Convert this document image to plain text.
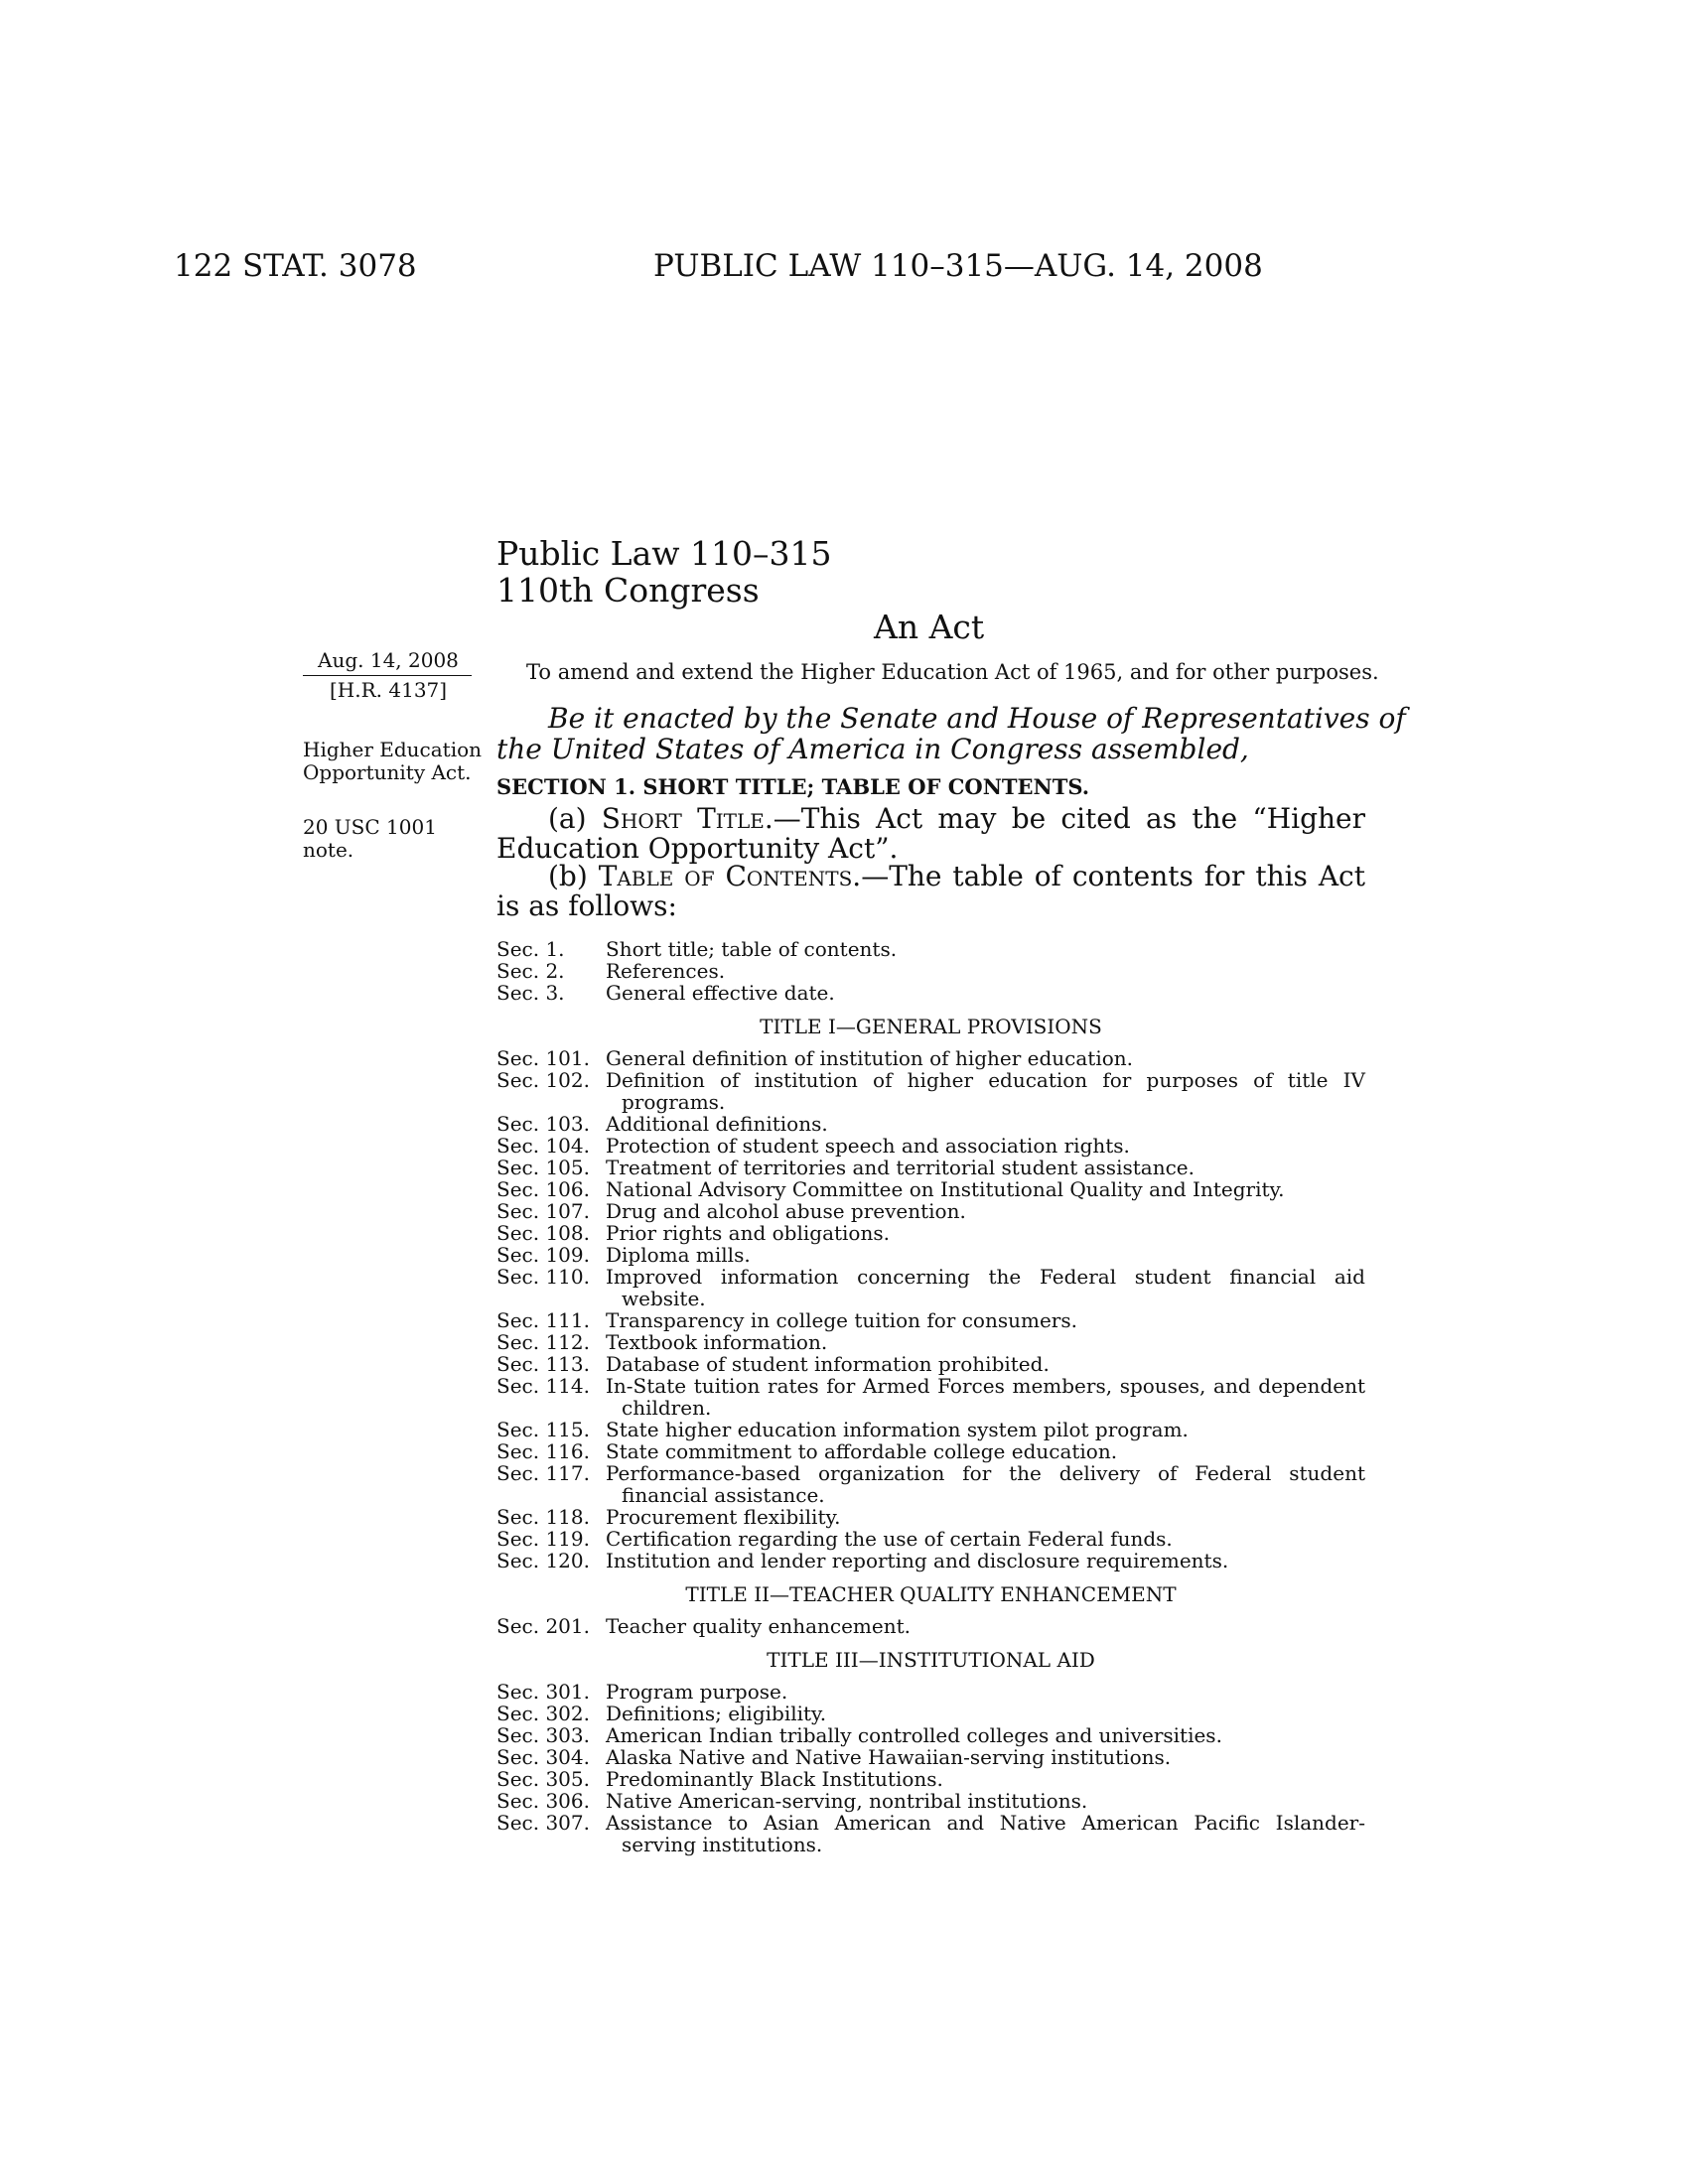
122 STAT. 3078	PUBLIC LAW 110–315—AUG. 14, 2008
Public Law 110–315
110th Congress
An Act
Aug. 14, 2008
[H.R. 4137]
Higher Education
Opportunity Act.
20 USC 1001
note.
To amend and extend the Higher Education Act of 1965, and for other purposes.
Be it enacted by the Senate and House of Representatives of
the United States of America in Congress assembled,
SECTION 1. SHORT TITLE; TABLE OF CONTENTS.
(a) Short Title.—This Act may be cited as the “Higher Education Opportunity Act”.
(b) Table of Contents.—The table of contents for this Act is as follows:
Sec. 1.	Short title; table of contents.
Sec. 2.	References.
Sec. 3.	General effective date.
TITLE I—GENERAL PROVISIONS
Sec. 101. General definition of institution of higher education.
Sec. 102. Definition of institution of higher education for purposes of title IV programs.
Sec. 103. Additional definitions.
Sec. 104. Protection of student speech and association rights.
Sec. 105. Treatment of territories and territorial student assistance.
Sec. 106. National Advisory Committee on Institutional Quality and Integrity.
Sec. 107. Drug and alcohol abuse prevention.
Sec. 108. Prior rights and obligations.
Sec. 109. Diploma mills.
Sec. 110. Improved information concerning the Federal student financial aid website.
Sec. 111. Transparency in college tuition for consumers.
Sec. 112. Textbook information.
Sec. 113. Database of student information prohibited.
Sec. 114. In-State tuition rates for Armed Forces members, spouses, and dependent children.
Sec. 115. State higher education information system pilot program.
Sec. 116. State commitment to affordable college education.
Sec. 117. Performance-based organization for the delivery of Federal student financial assistance.
Sec. 118. Procurement flexibility.
Sec. 119. Certification regarding the use of certain Federal funds.
Sec. 120. Institution and lender reporting and disclosure requirements.
TITLE II—TEACHER QUALITY ENHANCEMENT
Sec. 201. Teacher quality enhancement.
TITLE III—INSTITUTIONAL AID
Sec. 301. Program purpose.
Sec. 302. Definitions; eligibility.
Sec. 303. American Indian tribally controlled colleges and universities.
Sec. 304. Alaska Native and Native Hawaiian-serving institutions.
Sec. 305. Predominantly Black Institutions.
Sec. 306. Native American-serving, nontribal institutions.
Sec. 307. Assistance to Asian American and Native American Pacific Islander-serving institutions.
